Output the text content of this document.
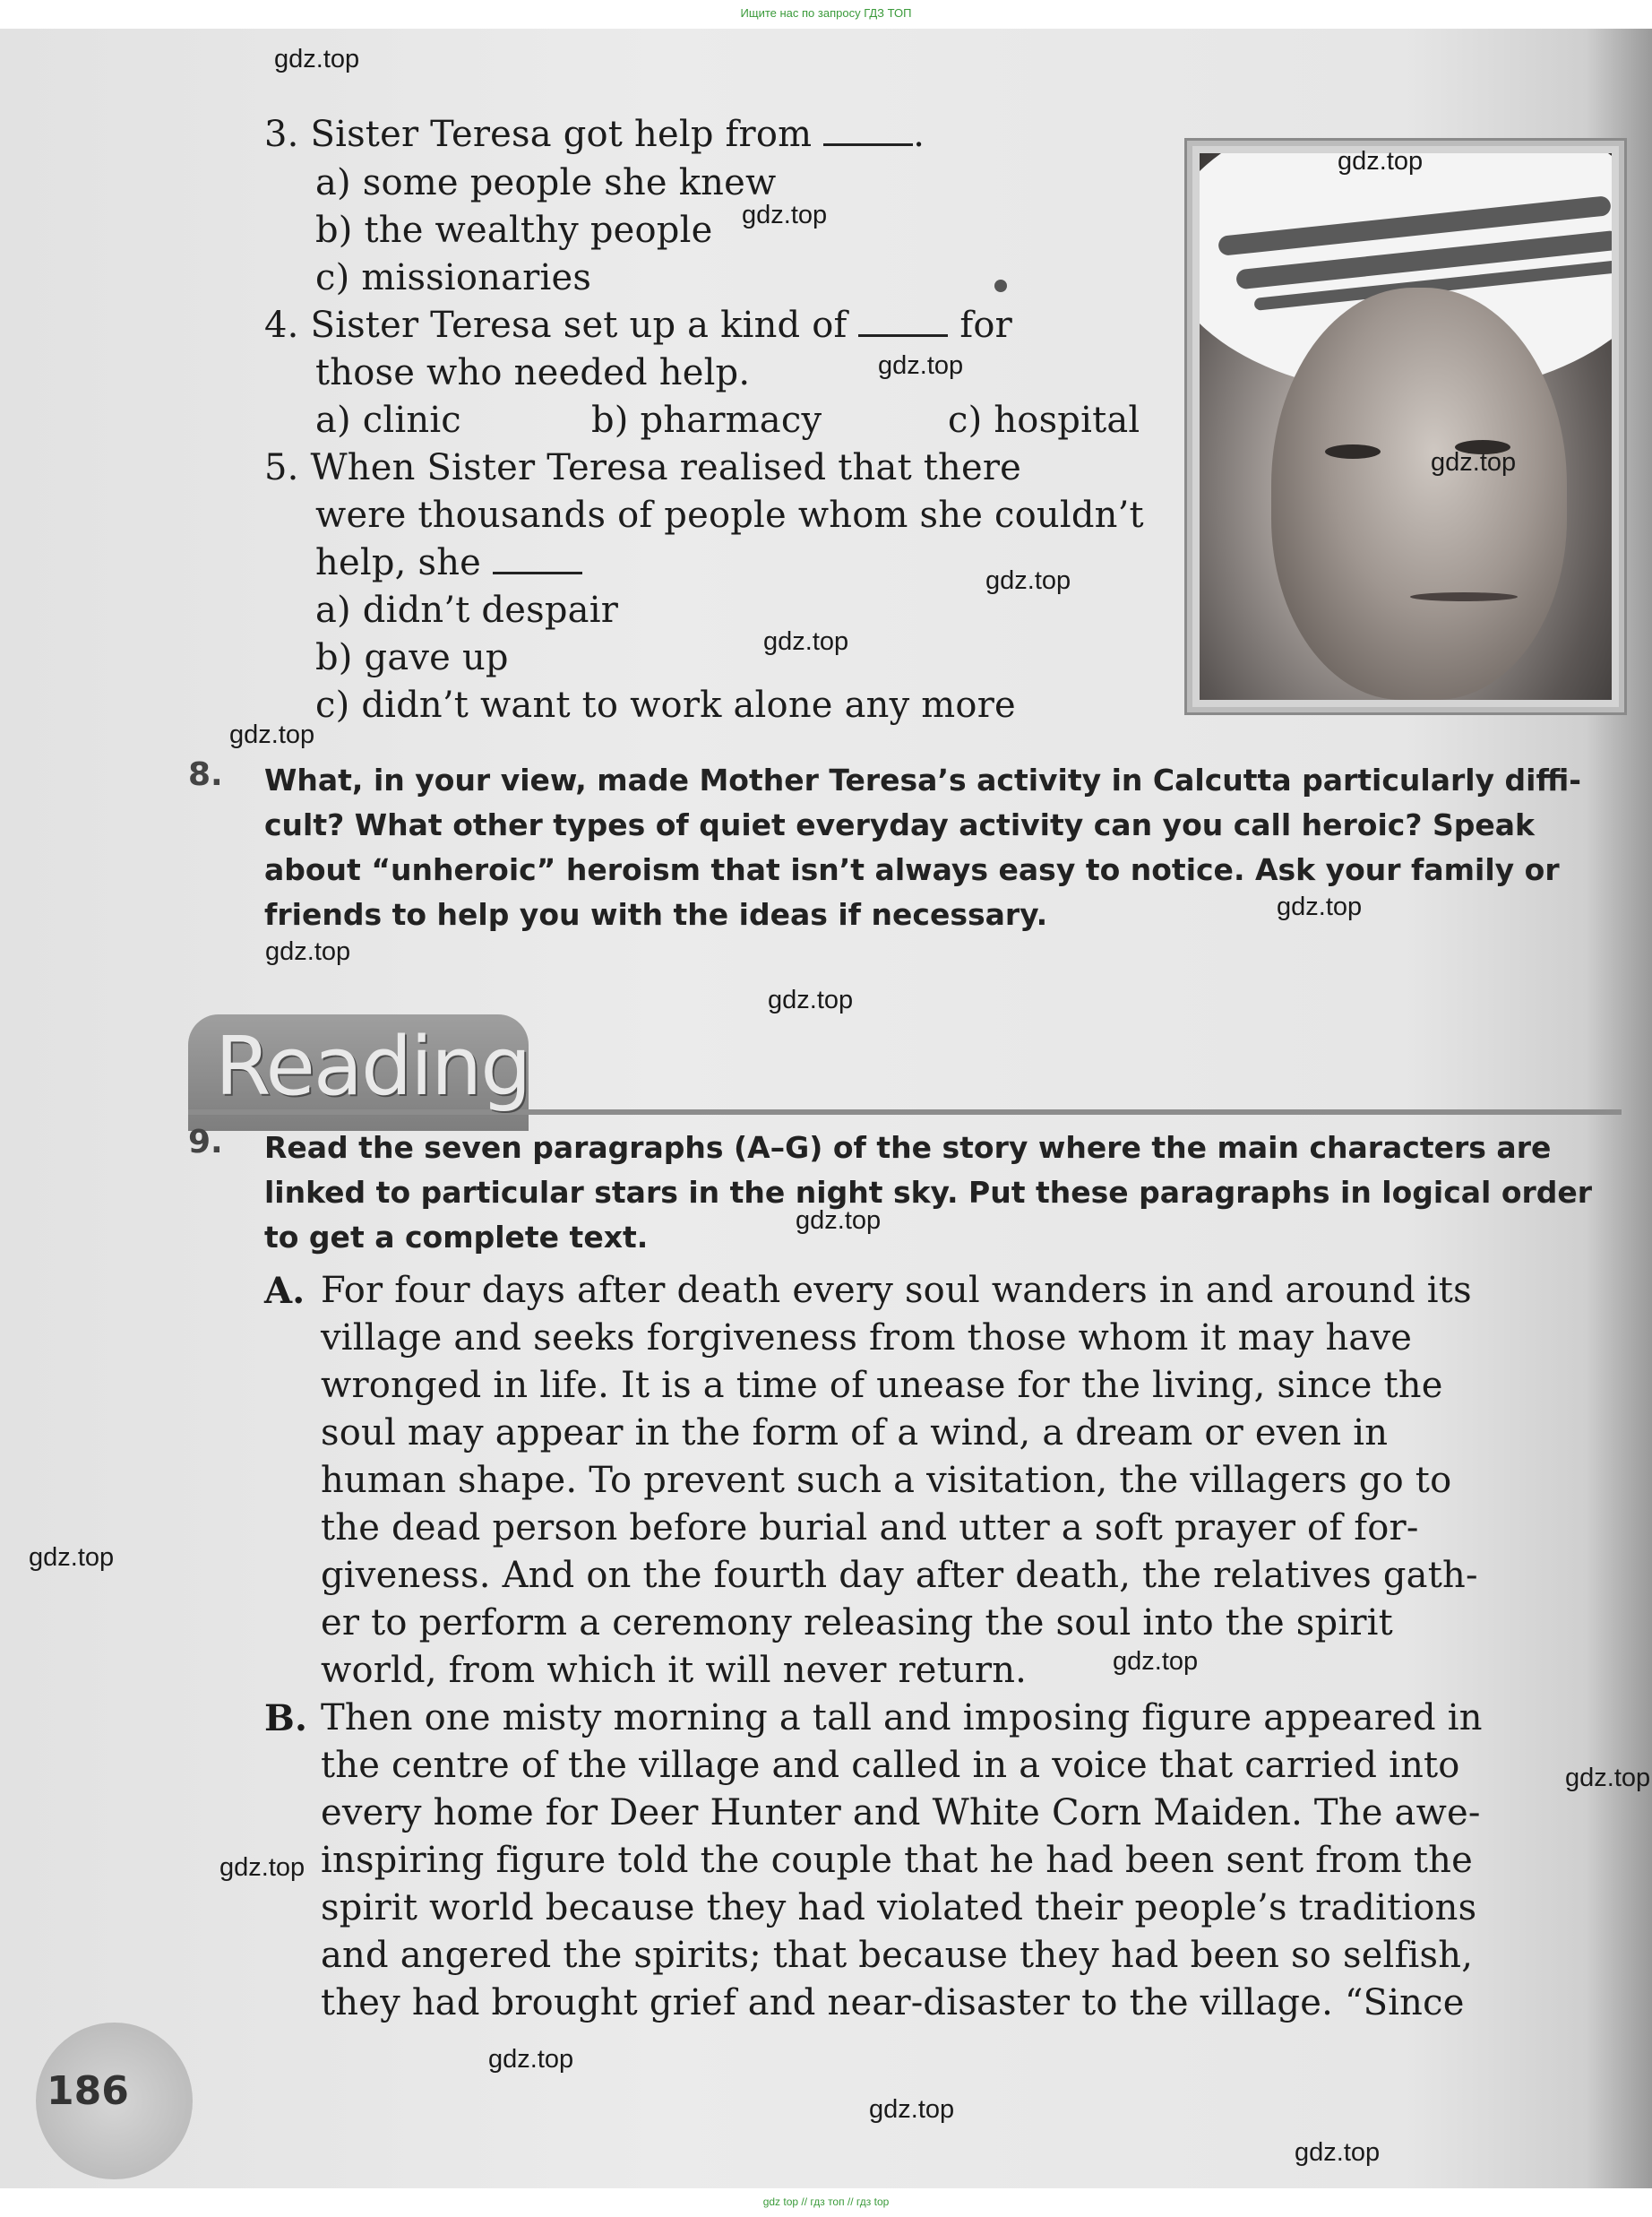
Ищите нас по запросу ГДЗ ТОП
3. Sister Teresa got help from	.
a) some people she knew
b) the wealthy people
c) missionaries
4. Sister Teresa set up a kind of	for
those who needed help.
a) clinic	b) pharmacy	c) hospital
5. When Sister Teresa realised that there
were thousands of people whom she couldn’t
help, she
a) didn’t despair
b) gave up
c) didn’t want to work alone any more
8. What, in your view, made Mother Teresa’s activity in Calcutta particularly diffi-
cult? What other types of quiet everyday activity can you call heroic? Speak
about “unheroic” heroism that isn’t always easy to notice. Ask your family or
friends to help you with the ideas if necessary.
Reading
9. Read the seven paragraphs (A–G) of the story where the main characters are
linked to particular stars in the night sky. Put these paragraphs in logical order
to get a complete text.
A. For four days after death every soul wanders in and around its
village and seeks forgiveness from those whom it may have
wronged in life. It is a time of unease for the living, since the
soul may appear in the form of a wind, a dream or even in
human shape. To prevent such a visitation, the villagers go to
the dead person before burial and utter a soft prayer of for-
giveness. And on the fourth day after death, the relatives gath-
er to perform a ceremony releasing the soul into the spirit
world, from which it will never return.
B. Then one misty morning a tall and imposing figure appeared in
the centre of the village and called in a voice that carried into
every home for Deer Hunter and White Corn Maiden. The awe-
inspiring figure told the couple that he had been sent from the
spirit world because they had violated their people’s traditions
and angered the spirits; that because they had been so selfish,
they had brought grief and near-disaster to the village. “Since
186
gdz.top
gdz.top
gdz.top
gdz.top
gdz.top
gdz.top
gdz.top
gdz.top
gdz.top
gdz.top
gdz.top
gdz.top
gdz.top
gdz.top
gdz.top
gdz.top
gdz.top
gdz.top
gdz.top
gdz top // гдз топ // гдз top
